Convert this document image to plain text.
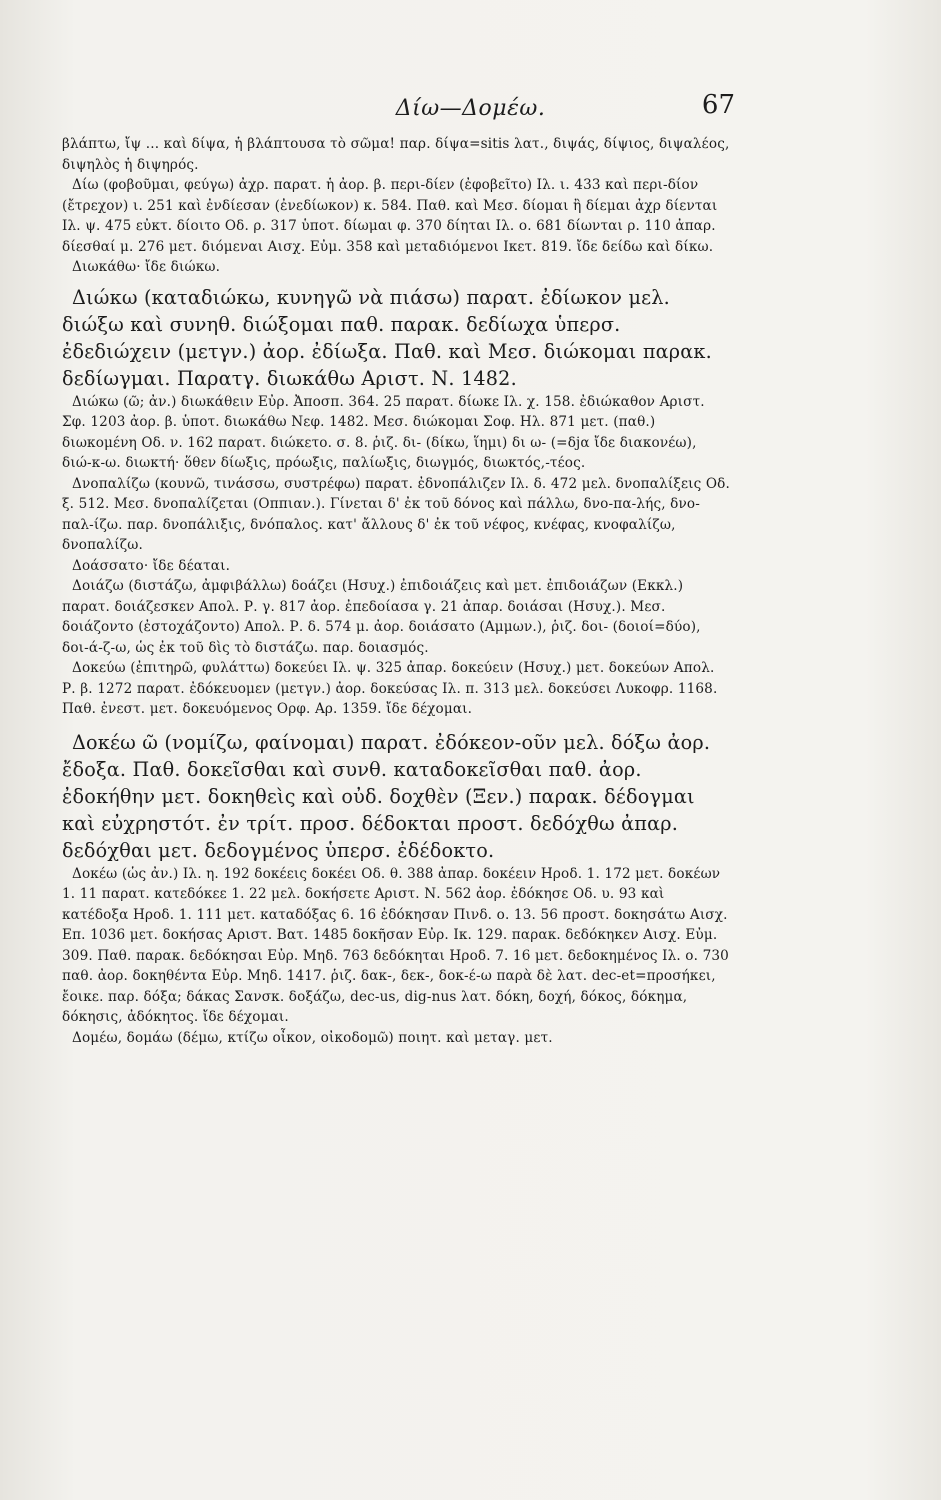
Δίω—Δομέω.	67

βλάπτω, ἴψ ... καὶ δίψα, ἡ βλάπτουσα τὸ σῶμα! παρ. δίψα=sitis λατ., διψάς, δίψιος, διψαλέος, διψηλὸς ἡ διψηρός.

Δίω (φοβοῦμαι, φεύγω) ἀχρ. παρατ. ἡ ἀορ. β. περι-δίεν (ἐφοβεῖτο) Ιλ. ι. 433 καὶ περι-δίον (ἔτρεχον) ι. 251 καὶ ἐνδίεσαν (ἐνεδίωκον) κ. 584. Παθ. καὶ Μεσ. δίομαι ἢ δίεμαι ἀχρ δίενται Ιλ. ψ. 475 εὐκτ. δίοιτο Οδ. ρ. 317 ὑποτ. δίωμαι φ. 370 δίηται Ιλ. ο. 681 δίωνται ρ. 110 ἀπαρ. δίεσθαί μ. 276 μετ. διόμεναι Αισχ. Εὐμ. 358 καὶ μεταδιόμενοι Ικετ. 819. ἴδε δείδω καὶ δίκω.

Διωκάθω· ἴδε διώκω.

Διώκω (καταδιώκω, κυνηγῶ νὰ πιάσω) παρατ. ἐδίωκον μελ. διώξω καὶ συνηθ. διώξομαι παθ. παρακ. δεδίωχα ὑπερσ. ἐδεδιώχειν (μετγν.) ἀορ. ἐδίωξα. Παθ. καὶ Μεσ. διώκομαι παρακ. δεδίωγμαι. Παρατγ. διωκάθω Αριστ. Ν. 1482.

Διώκω (ῶ; ἀν.) διωκάθειν Εὐρ. Ἀποσπ. 364. 25 παρατ. δίωκε Ιλ. χ. 158. ἐδιώκαθον Αριστ. Σφ. 1203 ἀορ. β. ὑποτ. διωκάθω Νεφ. 1482. Μεσ. διώκομαι Σοφ. Ηλ. 871 μετ. (παθ.) διωκομένη Οδ. ν. 162 παρατ. διώκετο. σ. 8. ῥιζ. δι- (δίκω, ἵημι) δι ω- (=δjα ἴδε διακονέω), διώ-κ-ω. διωκτή· ὅθεν δίωξις, πρόωξις, παλίωξις, διωγμός, διωκτός,-τέος.

Δνοπαλίζω (κουνῶ, τινάσσω, συστρέφω) παρατ. ἐδνοπάλιζεν Ιλ. δ. 472 μελ. δνοπαλίξεις Οδ. ξ. 512. Μεσ. δνοπαλίζεται (Οππιαν.). Γίνεται δ' ἐκ τοῦ δόνος καὶ πάλλω, δνο-πα-λής, δνο-παλ-ίζω. παρ. δνοπάλιξις, δνόπαλος. κατ' ἄλλους δ' ἐκ τοῦ νέφος, κνέφας, κνοφαλίζω, δνοπαλίζω.

Δοάσσατο· ἴδε δέαται.

Δοιάζω (διστάζω, ἀμφιβάλλω) δοάζει (Ησυχ.) ἐπιδοιάζεις καὶ μετ. ἐπιδοιάζων (Εκκλ.) παρατ. δοιάζεσκεν Απολ. Ρ. γ. 817 ἀορ. ἐπεδοίασα γ. 21 ἀπαρ. δοιάσαι (Ησυχ.). Μεσ. δοιάζοντο (ἐστοχάζοντο) Απολ. Ρ. δ. 574 μ. ἀορ. δοιάσατο (Αμμων.), ῥιζ. δοι- (δοιοί=δύο), δοι-ά-ζ-ω, ὡς ἐκ τοῦ δὶς τὸ διστάζω. παρ. δοιασμός.

Δοκεύω (ἐπιτηρῶ, φυλάττω) δοκεύει Ιλ. ψ. 325 ἀπαρ. δοκεύειν (Ησυχ.) μετ. δοκεύων Απολ. Ρ. β. 1272 παρατ. ἐδόκευομεν (μετγν.) ἀορ. δοκεύσας Ιλ. π. 313 μελ. δοκεύσει Λυκοφρ. 1168. Παθ. ἐνεστ. μετ. δοκευόμενος Ορφ. Αρ. 1359. ἴδε δέχομαι.

Δοκέω ῶ (νομίζω, φαίνομαι) παρατ. ἐδόκεον-οῦν μελ. δόξω ἀορ. ἔδοξα. Παθ. δοκεῖσθαι καὶ συνθ. καταδοκεῖσθαι παθ. ἀορ. ἐδοκήθην μετ. δοκηθεὶς καὶ οὐδ. δοχθὲν (Ξεν.) παρακ. δέδογμαι καὶ εὐχρηστότ. ἐν τρίτ. προσ. δέδοκται προστ. δεδόχθω ἀπαρ. δεδόχθαι μετ. δεδογμένος ὑπερσ. ἐδέδοκτο.

Δοκέω (ὡς ἀν.) Ιλ. η. 192 δοκέεις δοκέει Οδ. θ. 388 ἀπαρ. δοκέειν Ηροδ. 1. 172 μετ. δοκέων 1. 11 παρατ. κατεδόκεε 1. 22 μελ. δοκήσετε Αριστ. Ν. 562 ἀορ. ἐδόκησε Οδ. υ. 93 καὶ κατέδοξα Ηροδ. 1. 111 μετ. καταδόξας 6. 16 ἐδόκησαν Πινδ. ο. 13. 56 προστ. δοκησάτω Αισχ. Επ. 1036 μετ. δοκήσας Αριστ. Βατ. 1485 δοκῆσαν Εὐρ. Ικ. 129. παρακ. δεδόκηκεν Αισχ. Εὐμ. 309. Παθ. παρακ. δεδόκησαι Εὐρ. Μηδ. 763 δεδόκηται Ηροδ. 7. 16 μετ. δεδοκημένος Ιλ. ο. 730 παθ. ἀορ. δοκηθέντα Εὐρ. Μηδ. 1417. ῥιζ. δακ-, δεκ-, δοκ-έ-ω παρὰ δὲ λατ. dec-et=προσήκει, ἔοικε. παρ. δόξα; δάκας Σανσκ. δοξάζω, dec-us, dig-nus λατ. δόκη, δοχή, δόκος, δόκημα, δόκησις, ἀδόκητος. ἴδε δέχομαι.

Δομέω, δομάω (δέμω, κτίζω οἶκον, οἰκοδομῶ) ποιητ. καὶ μεταγ. μετ.
